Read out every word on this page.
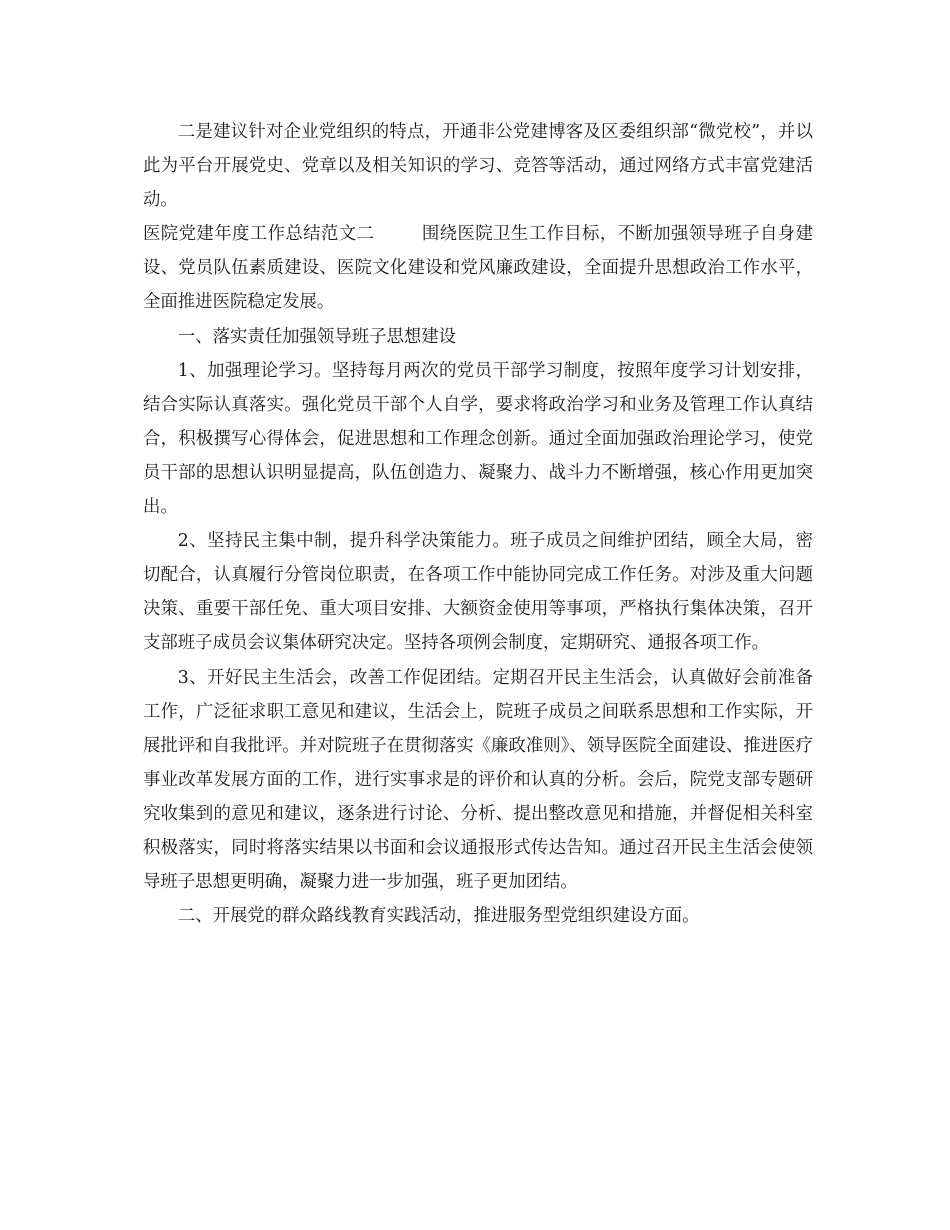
二是建议针对企业党组织的特点，开通非公党建博客及区委组织部“微党校”，并以此为平台开展党史、党章以及相关知识的学习、竞答等活动，通过网络方式丰富党建活动。

医院党建年度工作总结范文二	围绕医院卫生工作目标，不断加强领导班子自身建设、党员队伍素质建设、医院文化建设和党风廉政建设，全面提升思想政治工作水平，全面推进医院稳定发展。

一、落实责任加强领导班子思想建设

1、加强理论学习。坚持每月两次的党员干部学习制度，按照年度学习计划安排，结合实际认真落实。强化党员干部个人自学，要求将政治学习和业务及管理工作认真结合，积极撰写心得体会，促进思想和工作理念创新。通过全面加强政治理论学习，使党员干部的思想认识明显提高，队伍创造力、凝聚力、战斗力不断增强，核心作用更加突出。

2、坚持民主集中制，提升科学决策能力。班子成员之间维护团结，顾全大局，密切配合，认真履行分管岗位职责，在各项工作中能协同完成工作任务。对涉及重大问题决策、重要干部任免、重大项目安排、大额资金使用等事项，严格执行集体决策，召开支部班子成员会议集体研究决定。坚持各项例会制度，定期研究、通报各项工作。

3、开好民主生活会，改善工作促团结。定期召开民主生活会，认真做好会前准备工作，广泛征求职工意见和建议，生活会上，院班子成员之间联系思想和工作实际，开展批评和自我批评。并对院班子在贯彻落实《廉政准则》、领导医院全面建设、推进医疗事业改革发展方面的工作，进行实事求是的评价和认真的分析。会后，院党支部专题研究收集到的意见和建议，逐条进行讨论、分析、提出整改意见和措施，并督促相关科室积极落实，同时将落实结果以书面和会议通报形式传达告知。通过召开民主生活会使领导班子思想更明确，凝聚力进一步加强，班子更加团结。

二、开展党的群众路线教育实践活动，推进服务型党组织建设方面。
